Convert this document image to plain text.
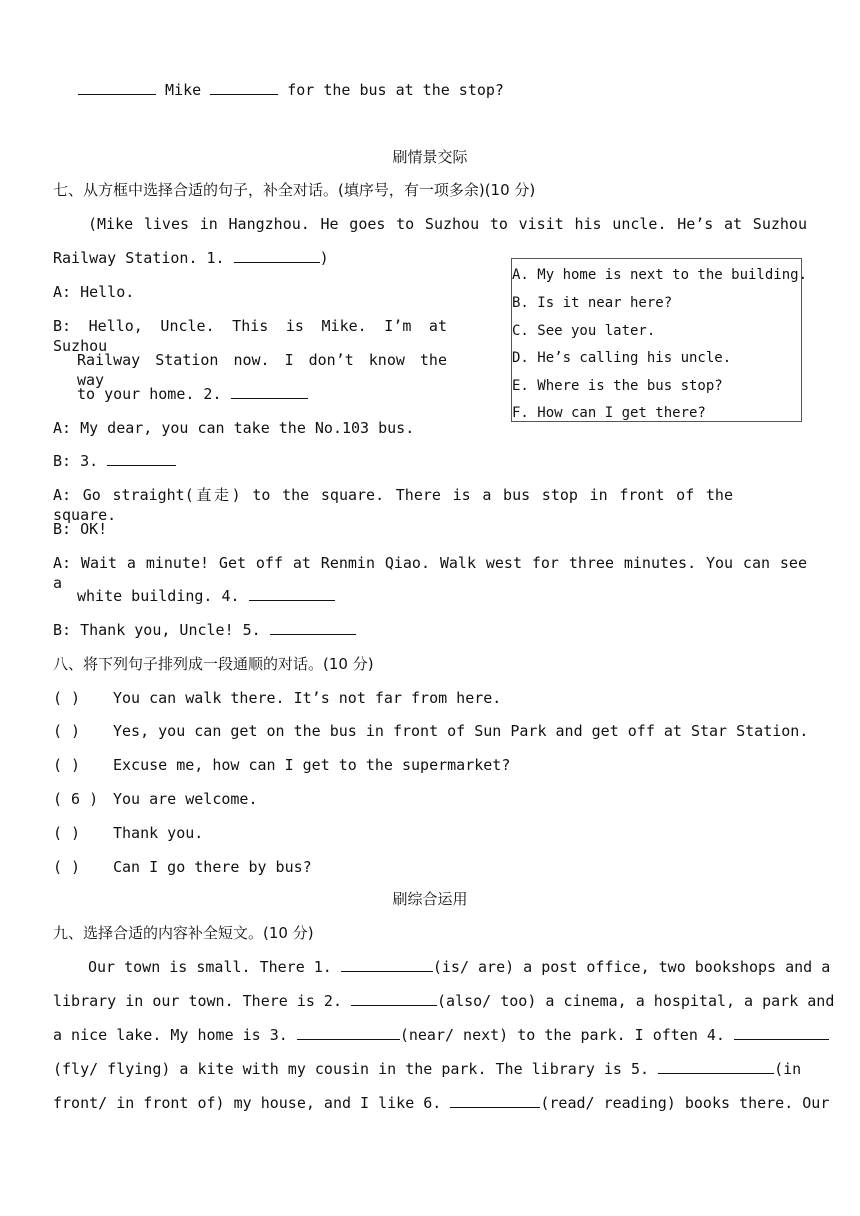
Mike	for the bus at the stop?
刷情景交际
七、从方框中选择合适的句子，补全对话。(填序号，有一项多余)(10 分)
(Mike lives in Hangzhou. He goes to Suzhou to visit his uncle. He’s at Suzhou
Railway Station. 1.	)
A. My home is next to the building.
B. Is it near here?
C. See you later.
D. He’s calling his uncle.
E. Where is the bus stop?
F. How can I get there?
A: Hello.
B: Hello, Uncle. This is Mike. I’m at Suzhou
Railway Station now. I don’t know the way
to your home. 2.
A: My dear, you can take the No.103 bus.
B: 3.
A: Go straight(直走) to the square. There is a bus stop in front of the square.
B: OK!
A: Wait a minute! Get off at Renmin Qiao. Walk west for three minutes. You can see a
white building. 4.
B: Thank you, Uncle! 5.
八、将下列句子排列成一段通顺的对话。(10 分)
( ) You can walk there. It’s not far from here.
( ) Yes, you can get on the bus in front of Sun Park and get off at Star Station.
( ) Excuse me, how can I get to the supermarket?
( 6 ) You are welcome.
( ) Thank you.
( ) Can I go there by bus?
刷综合运用
九、选择合适的内容补全短文。(10 分)
Our town is small. There 1.	(is/ are) a post office, two bookshops and a
library in our town. There is 2.	(also/ too) a cinema, a hospital, a park and
a nice lake. My home is 3.	(near/ next) to the park. I often 4.
(fly/ flying) a kite with my cousin in the park. The library is 5.	(in
front/ in front of) my house, and I like 6.	(read/ reading) books there. Our
